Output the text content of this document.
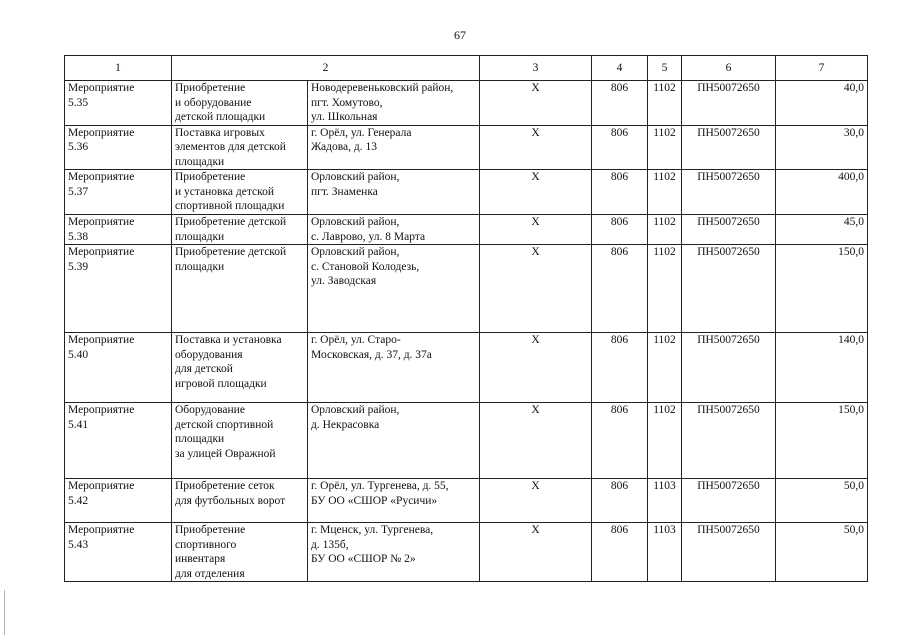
67
1	2		3	4	5	6	7

Мероприятие
5.35	Приобретение
и оборудование
детской площадки	Новодеревеньковский район,
пгт. Хомутово,
ул. Школьная	Х	806	1102	ПН50072650	40,0

Мероприятие
5.36	Поставка игровых
элементов для детской
площадки	г. Орёл, ул. Генерала
Жадова, д. 13	Х	806	1102	ПН50072650	30,0

Мероприятие
5.37	Приобретение
и установка детской
спортивной площадки	Орловский район,
пгт. Знаменка	Х	806	1102	ПН50072650	400,0

Мероприятие
5.38	Приобретение детской
площадки	Орловский район,
с. Лаврово, ул. 8 Марта	Х	806	1102	ПН50072650	45,0

Мероприятие
5.39	Приобретение детской
площадки	Орловский район,
с. Становой Колодезь,
ул. Заводская	Х	806	1102	ПН50072650	150,0

Мероприятие
5.40	Поставка и установка
оборудования
для детской
игровой площадки	г. Орёл, ул. Старо-
Московская, д. 37, д. 37а	Х	806	1102	ПН50072650	140,0

Мероприятие
5.41	Оборудование
детской спортивной
площадки
за улицей Овражной	Орловский район,
д. Некрасовка	Х	806	1102	ПН50072650	150,0

Мероприятие
5.42	Приобретение сеток
для футбольных ворот	г. Орёл, ул. Тургенева, д. 55,
БУ ОО «СШОР «Русичи»	Х	806	1103	ПН50072650	50,0

Мероприятие
5.43	Приобретение
спортивного
инвентаря
для отделения	г. Мценск, ул. Тургенева,
д. 135б,
БУ ОО «СШОР № 2»	Х	806	1103	ПН50072650	50,0
